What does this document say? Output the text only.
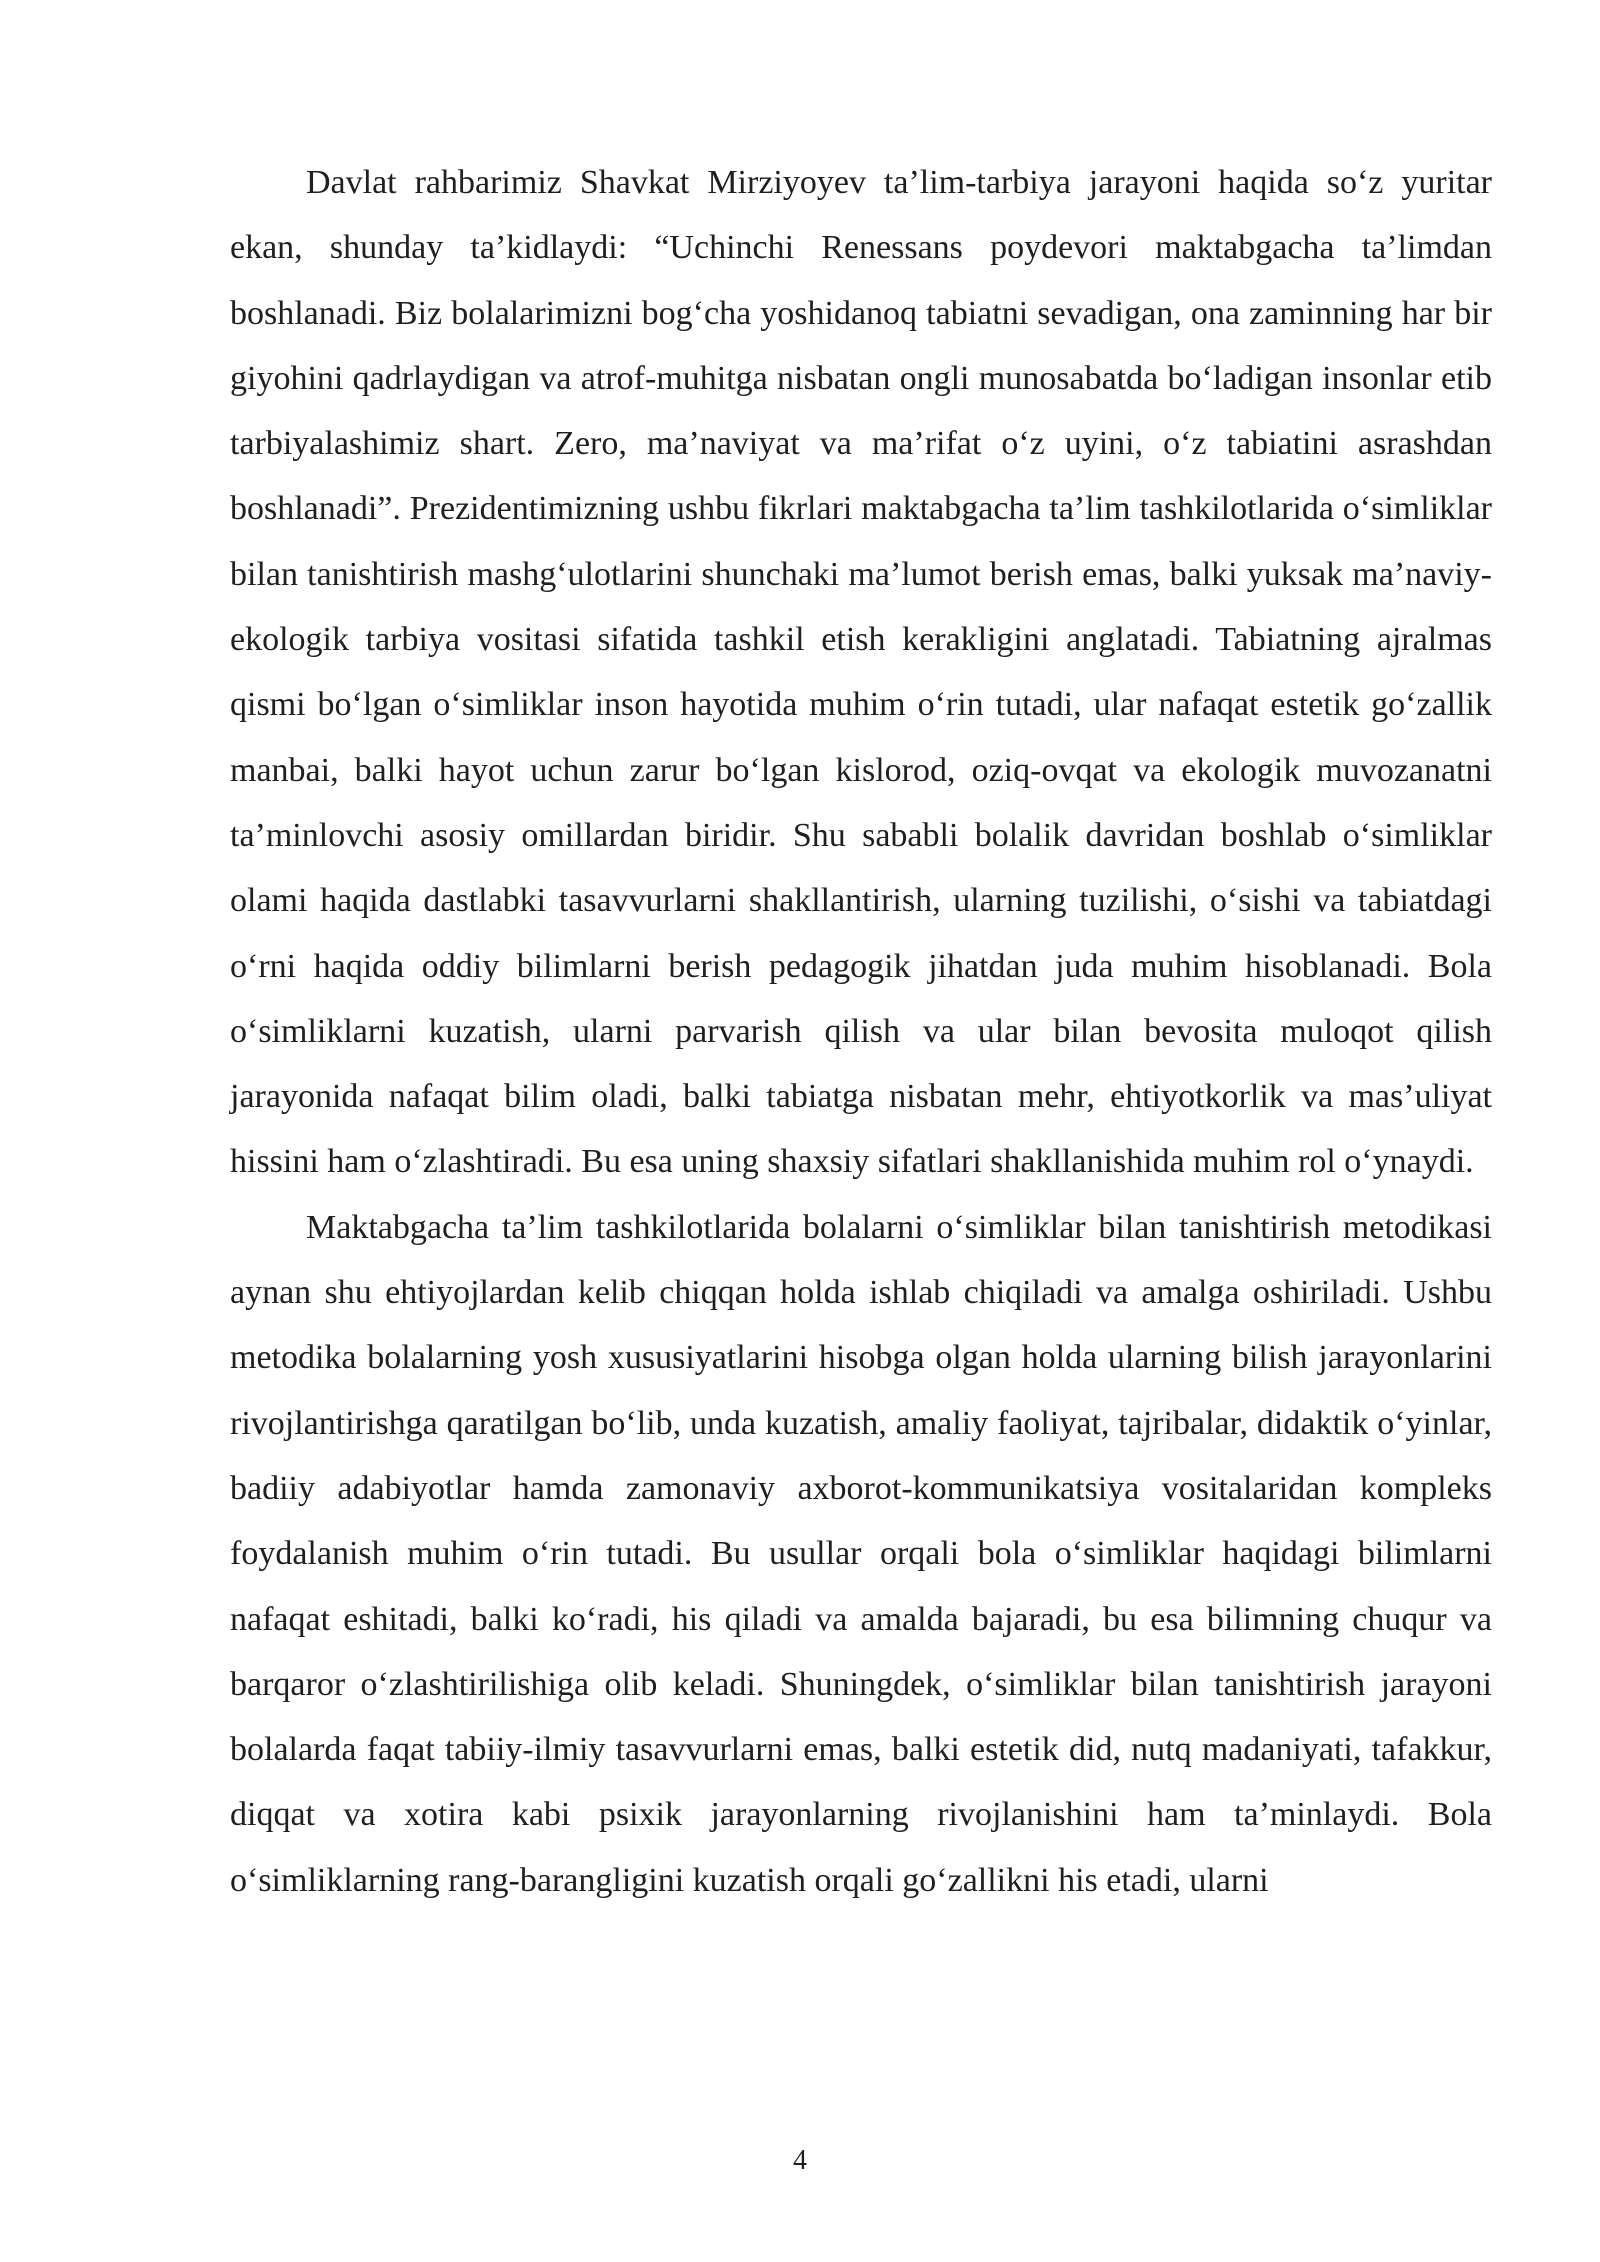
Davlat rahbarimiz Shavkat Mirziyoyev ta’lim-tarbiya jarayoni haqida so‘z yuritar ekan, shunday ta’kidlaydi: “Uchinchi Renessans poydevori maktabgacha ta’limdan boshlanadi. Biz bolalarimizni bog‘cha yoshidanoq tabiatni sevadigan, ona zaminning har bir giyohini qadrlaydigan va atrof-muhitga nisbatan ongli munosabatda bo‘ladigan insonlar etib tarbiyalashimiz shart. Zero, ma’naviyat va ma’rifat o‘z uyini, o‘z tabiatini asrashdan boshlanadi”. Prezidentimizning ushbu fikrlari maktabgacha ta’lim tashkilotlarida o‘simliklar bilan tanishtirish mashg‘ulotlarini shunchaki ma’lumot berish emas, balki yuksak ma’naviy-ekologik tarbiya vositasi sifatida tashkil etish kerakligini anglatadi. Tabiatning ajralmas qismi bo‘lgan o‘simliklar inson hayotida muhim o‘rin tutadi, ular nafaqat estetik go‘zallik manbai, balki hayot uchun zarur bo‘lgan kislorod, oziq-ovqat va ekologik muvozanatni ta’minlovchi asosiy omillardan biridir. Shu sababli bolalik davridan boshlab o‘simliklar olami haqida dastlabki tasavvurlarni shakllantirish, ularning tuzilishi, o‘sishi va tabiatdagi o‘rni haqida oddiy bilimlarni berish pedagogik jihatdan juda muhim hisoblanadi. Bola o‘simliklarni kuzatish, ularni parvarish qilish va ular bilan bevosita muloqot qilish jarayonida nafaqat bilim oladi, balki tabiatga nisbatan mehr, ehtiyotkorlik va mas’uliyat hissini ham o‘zlashtiradi. Bu esa uning shaxsiy sifatlari shakllanishida muhim rol o‘ynaydi.

Maktabgacha ta’lim tashkilotlarida bolalarni o‘simliklar bilan tanishtirish metodikasi aynan shu ehtiyojlardan kelib chiqqan holda ishlab chiqiladi va amalga oshiriladi. Ushbu metodika bolalarning yosh xususiyatlarini hisobga olgan holda ularning bilish jarayonlarini rivojlantirishga qaratilgan bo‘lib, unda kuzatish, amaliy faoliyat, tajribalar, didaktik o‘yinlar, badiiy adabiyotlar hamda zamonaviy axborot-kommunikatsiya vositalaridan kompleks foydalanish muhim o‘rin tutadi. Bu usullar orqali bola o‘simliklar haqidagi bilimlarni nafaqat eshitadi, balki ko‘radi, his qiladi va amalda bajaradi, bu esa bilimning chuqur va barqaror o‘zlashtirilishiga olib keladi. Shuningdek, o‘simliklar bilan tanishtirish jarayoni bolalarda faqat tabiiy-ilmiy tasavvurlarni emas, balki estetik did, nutq madaniyati, tafakkur, diqqat va xotira kabi psixik jarayonlarning rivojlanishini ham ta’minlaydi. Bola o‘simliklarning rang-barangligini kuzatish orqali go‘zallikni his etadi, ularni

4
